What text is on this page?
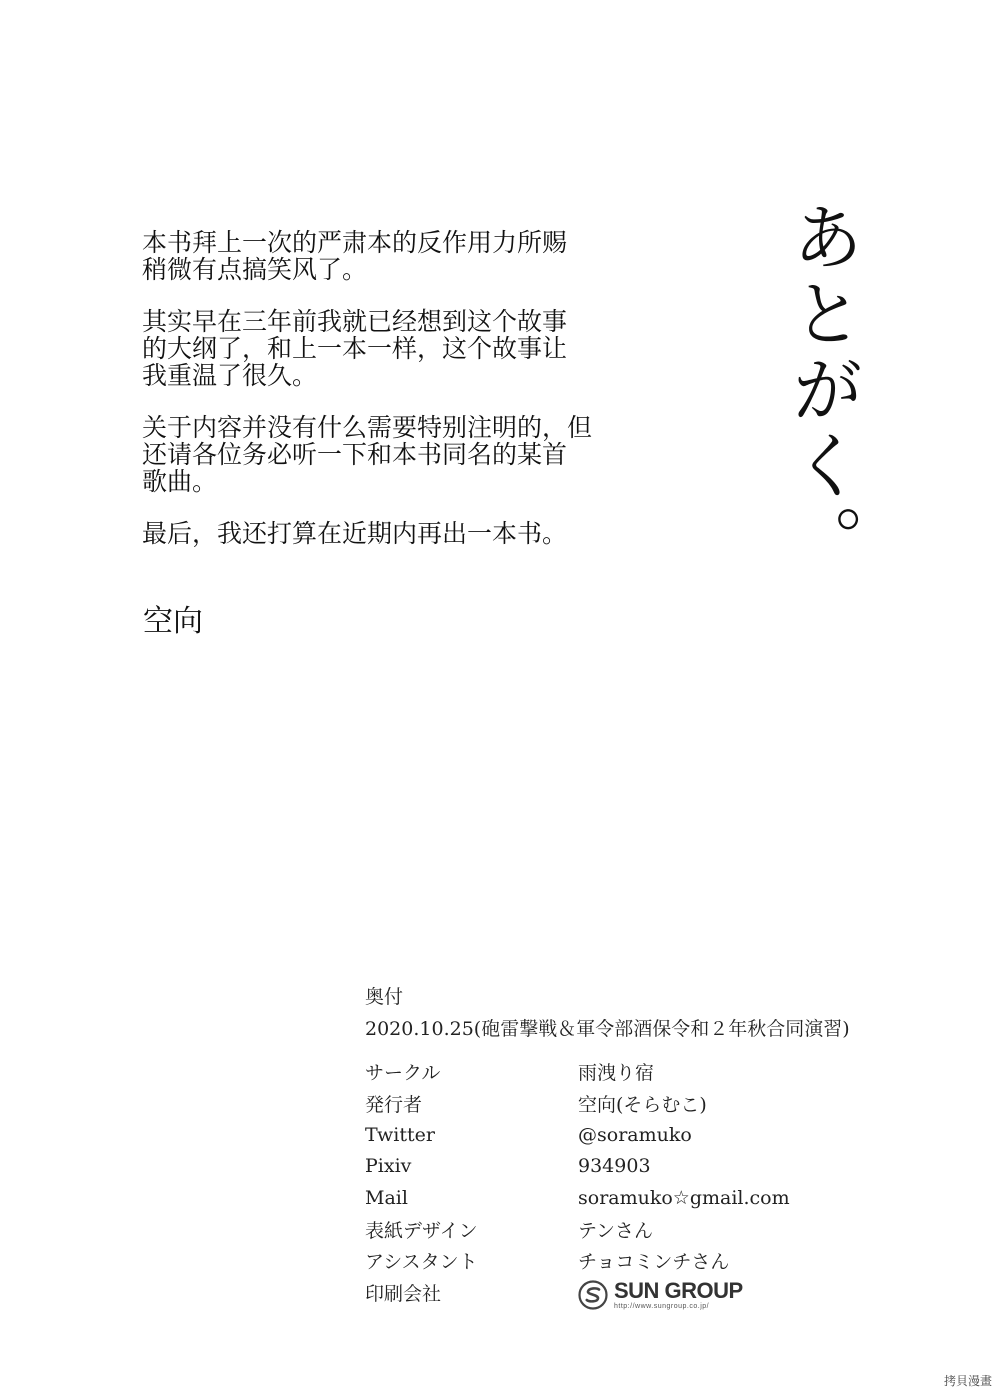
あとがく。
本书拜上一次的严肃本的反作用力所赐
稍微有点搞笑风了。
其实早在三年前我就已经想到这个故事
的大纲了，和上一本一样，这个故事让
我重温了很久。
关于内容并没有什么需要特别注明的，但
还请各位务必听一下和本书同名的某首
歌曲。
最后，我还打算在近期内再出一本书。
空向
奥付
2020.10.25(砲雷撃戦＆軍令部酒保令和２年秋合同演習)
サークル	雨洩り宿
発行者	空向(そらむこ)
Twitter	@soramuko
Pixiv	934903
Mail	soramuko☆gmail.com
表紙デザイン	テンさん
アシスタント	チョコミンチさん
印刷会社	SUN GROUP
http://www.sungroup.co.jp/
拷貝漫畫
